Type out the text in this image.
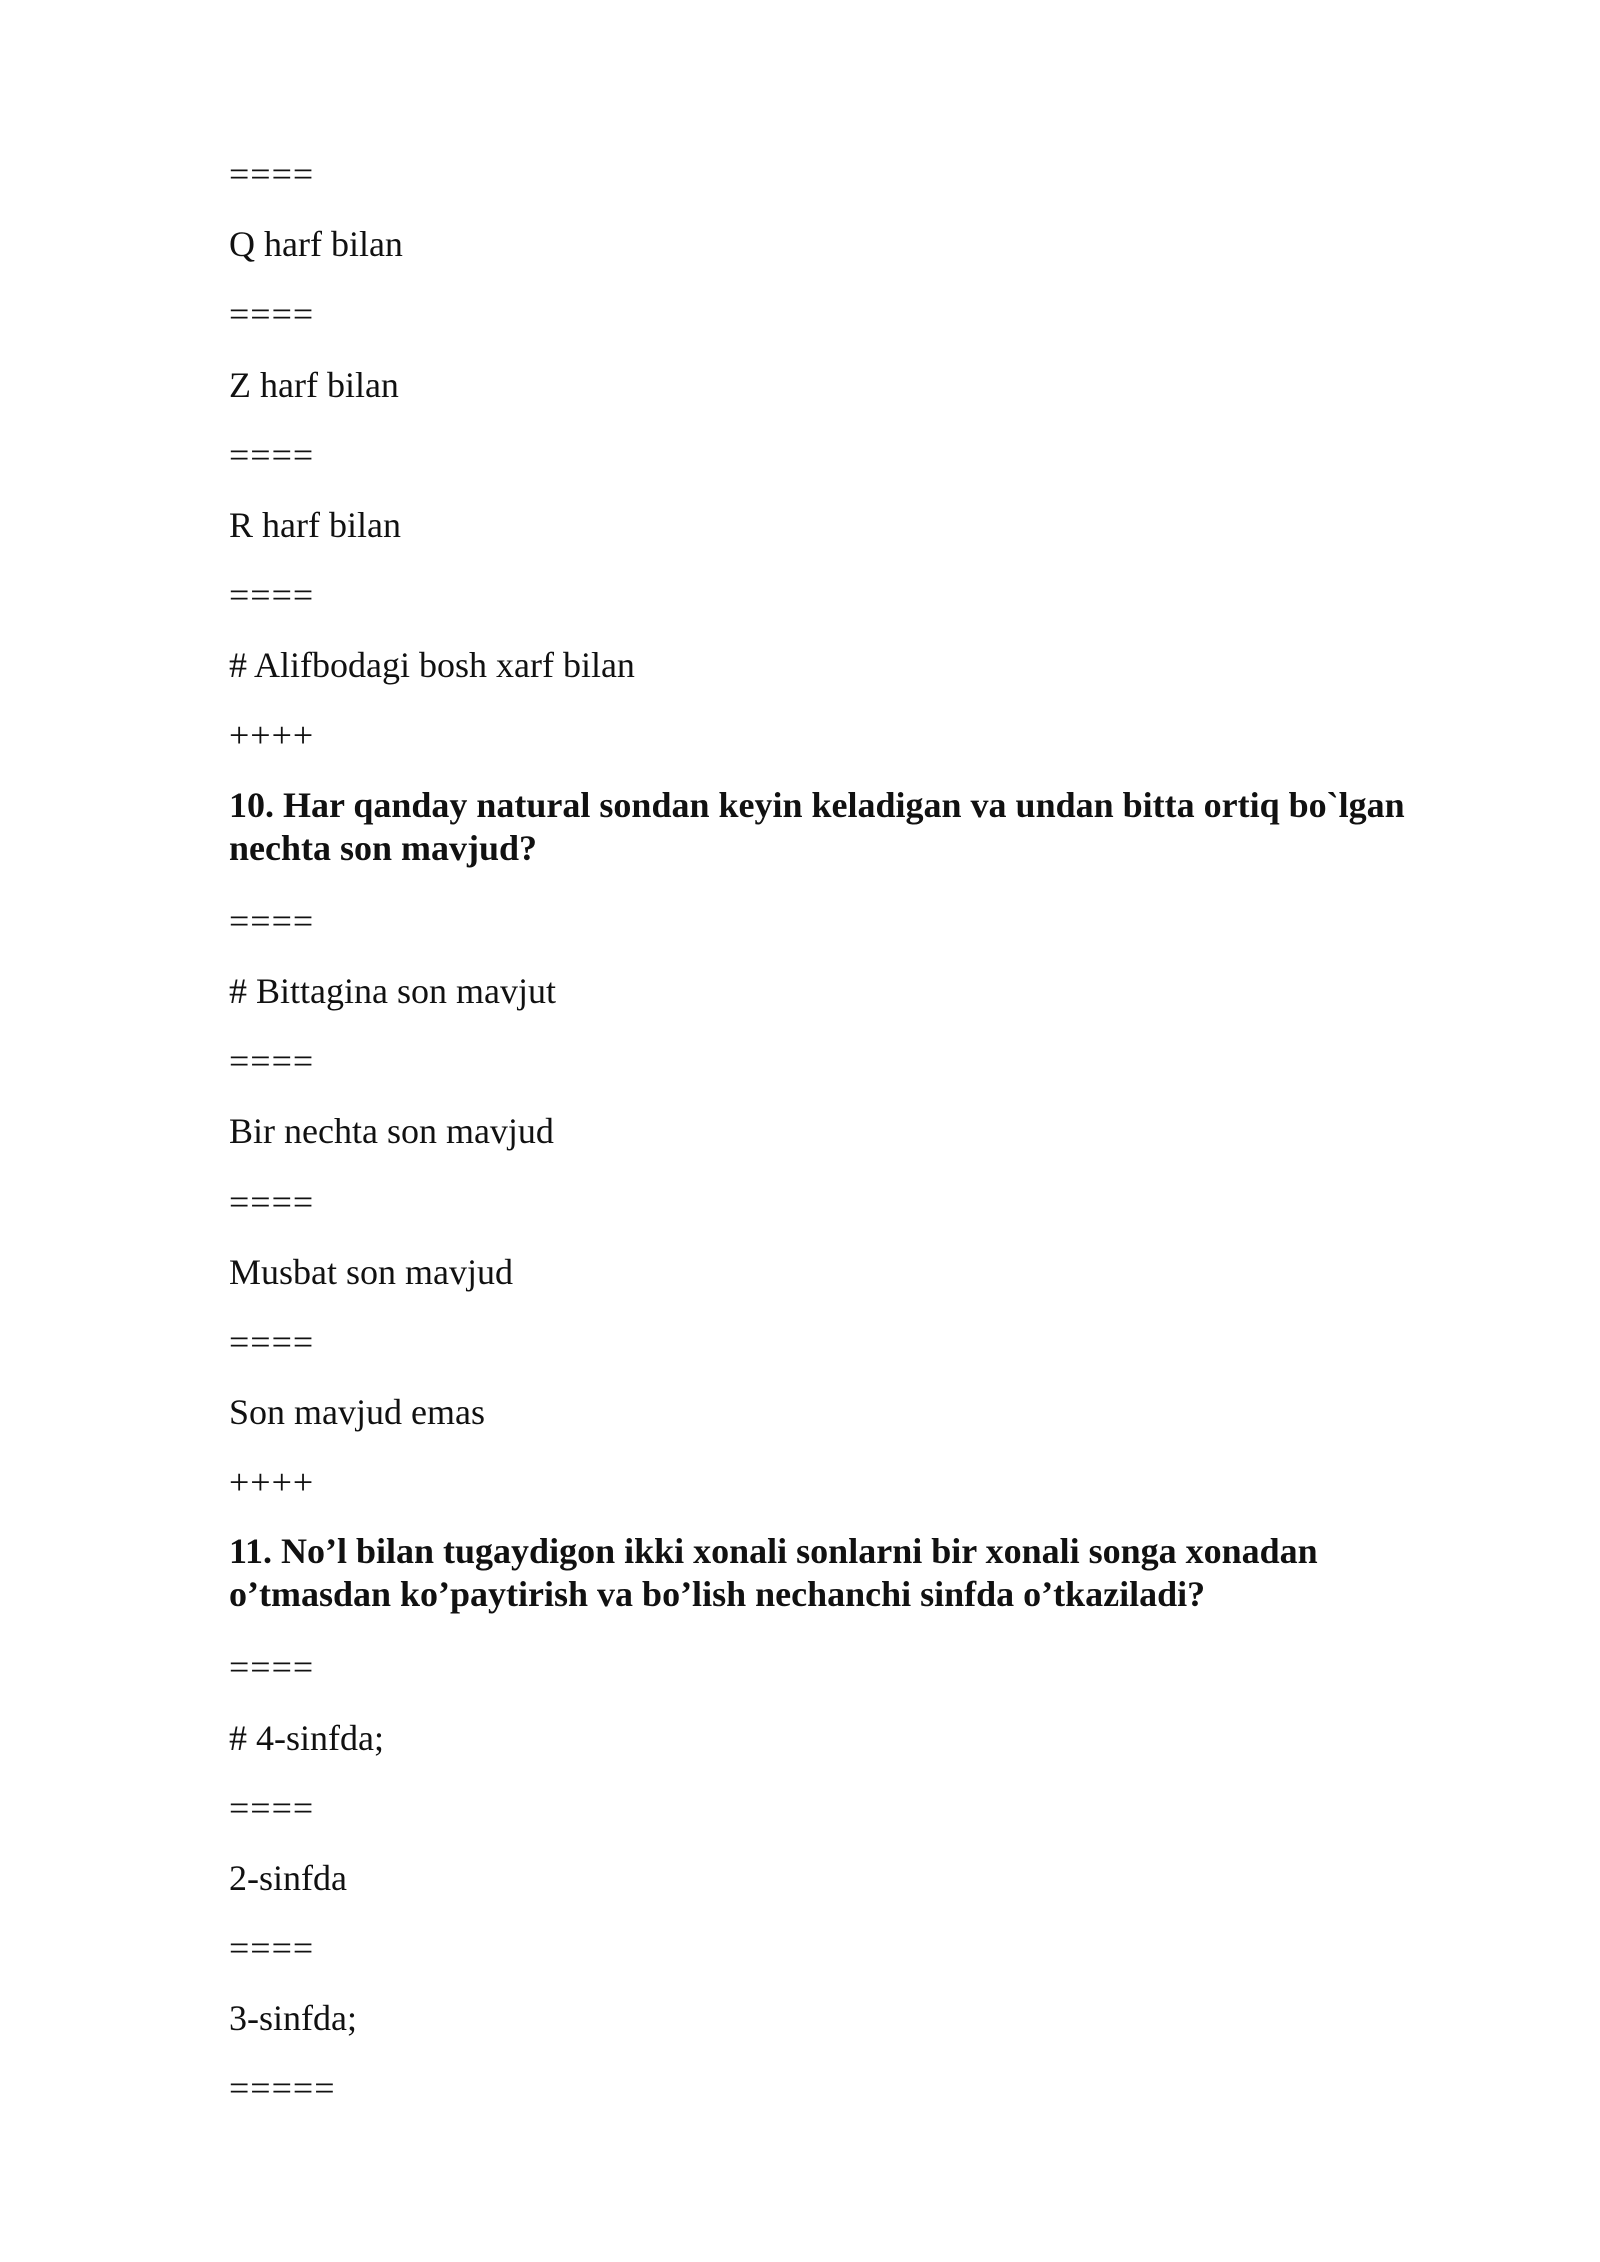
====
Q harf bilan
====
Z harf bilan
====
R harf bilan
====
# Alifbodagi bosh xarf bilan
++++
10. Har qanday natural sondan keyin keladigan va undan bitta ortiq bo`lgan nechta son mavjud?
====
# Bittagina son mavjut
====
Bir nechta son mavjud
====
Musbat son mavjud
====
Son mavjud emas
++++
11. No’l bilan tugaydigon ikki xonali sonlarni bir xonali songa xonadan o’tmasdan ko’paytirish va bo’lish nechanchi sinfda o’tkaziladi?
====
# 4-sinfda;
====
2-sinfda
====
3-sinfda;
=====
